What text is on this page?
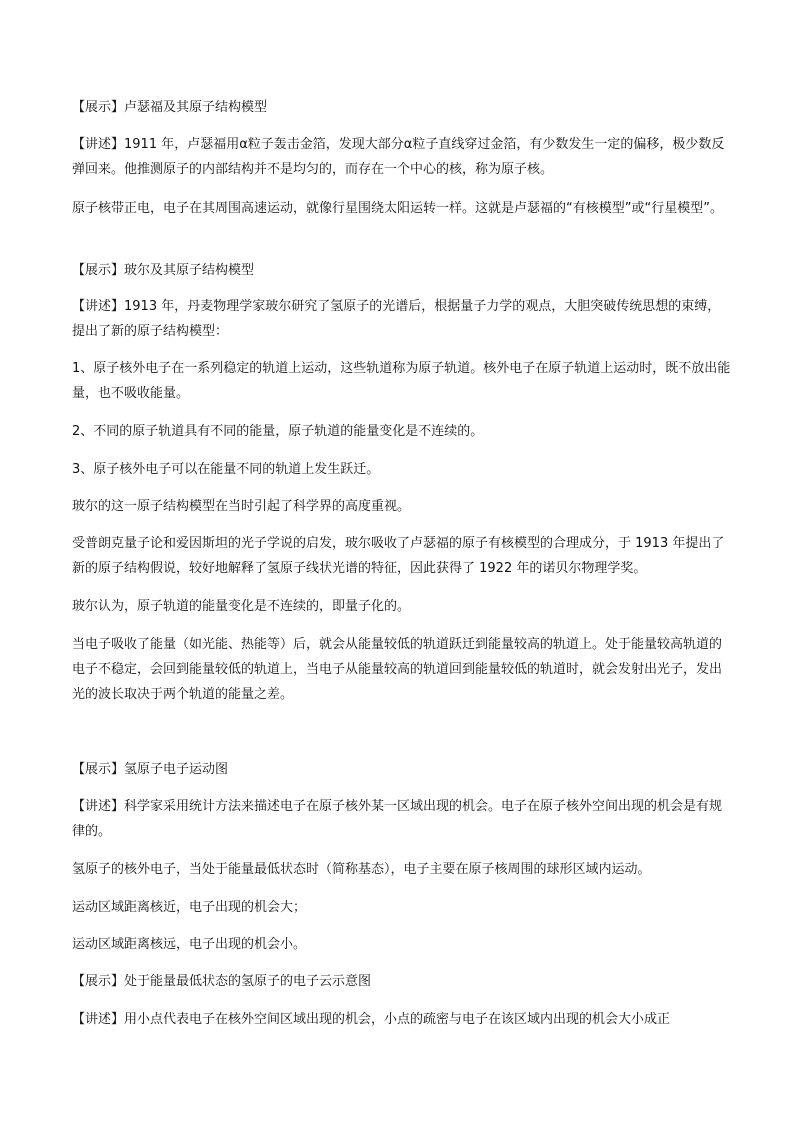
【展示】卢瑟福及其原子结构模型

【讲述】1911 年，卢瑟福用α粒子轰击金箔，发现大部分α粒子直线穿过金箔，有少数发生一定的偏移，极少数反弹回来。他推测原子的内部结构并不是均匀的，而存在一个中心的核，称为原子核。

原子核带正电，电子在其周围高速运动，就像行星围绕太阳运转一样。这就是卢瑟福的“有核模型”或“行星模型”。

【展示】玻尔及其原子结构模型

【讲述】1913 年，丹麦物理学家玻尔研究了氢原子的光谱后，根据量子力学的观点，大胆突破传统思想的束缚，提出了新的原子结构模型：

1、原子核外电子在一系列稳定的轨道上运动，这些轨道称为原子轨道。核外电子在原子轨道上运动时，既不放出能量，也不吸收能量。

2、不同的原子轨道具有不同的能量，原子轨道的能量变化是不连续的。

3、原子核外电子可以在能量不同的轨道上发生跃迁。

玻尔的这一原子结构模型在当时引起了科学界的高度重视。

受普朗克量子论和爱因斯坦的光子学说的启发，玻尔吸收了卢瑟福的原子有核模型的合理成分，于 1913 年提出了新的原子结构假说，较好地解释了氢原子线状光谱的特征，因此获得了 1922 年的诺贝尔物理学奖。

玻尔认为，原子轨道的能量变化是不连续的，即量子化的。

当电子吸收了能量（如光能、热能等）后，就会从能量较低的轨道跃迁到能量较高的轨道上。处于能量较高轨道的电子不稳定，会回到能量较低的轨道上，当电子从能量较高的轨道回到能量较低的轨道时，就会发射出光子，发出光的波长取决于两个轨道的能量之差。

【展示】氢原子电子运动图

【讲述】科学家采用统计方法来描述电子在原子核外某一区域出现的机会。电子在原子核外空间出现的机会是有规律的。

氢原子的核外电子，当处于能量最低状态时（简称基态），电子主要在原子核周围的球形区域内运动。

运动区域距离核近，电子出现的机会大；

运动区域距离核远，电子出现的机会小。

【展示】处于能量最低状态的氢原子的电子云示意图

【讲述】用小点代表电子在核外空间区域出现的机会，小点的疏密与电子在该区域内出现的机会大小成正
